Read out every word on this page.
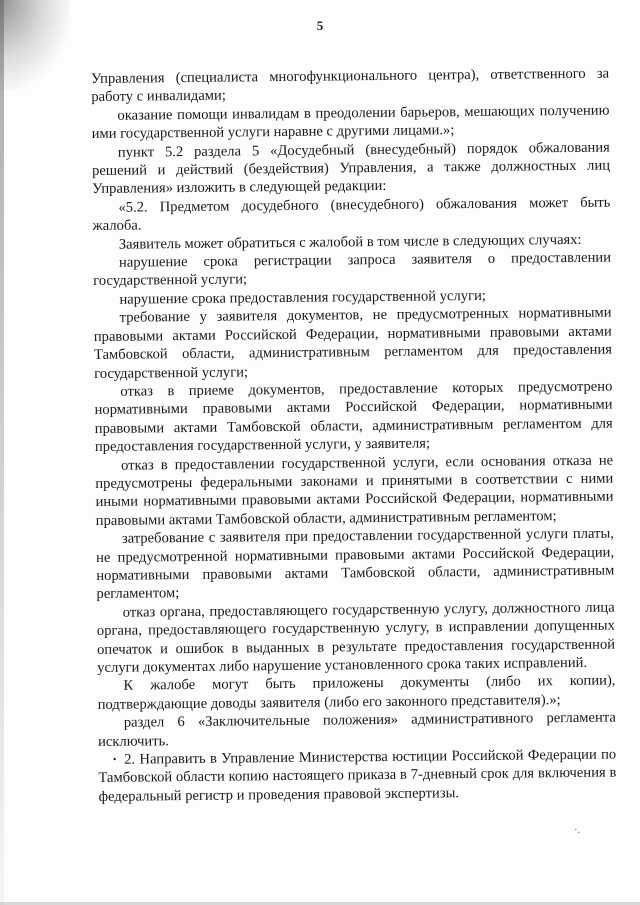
5

Управления (специалиста многофункционального центра), ответственного за работу с инвалидами;

оказание помощи инвалидам в преодолении барьеров, мешающих получению ими государственной услуги наравне с другими лицами.»;

пункт 5.2 раздела 5 «Досудебный (внесудебный) порядок обжалования решений и действий (бездействия) Управления, а также должностных лиц Управления» изложить в следующей редакции:

«5.2. Предметом досудебного (внесудебного) обжалования может быть жалоба.

Заявитель может обратиться с жалобой в том числе в следующих случаях:

нарушение срока регистрации запроса заявителя о предоставлении государственной услуги;

нарушение срока предоставления государственной услуги;

требование у заявителя документов, не предусмотренных нормативными правовыми актами Российской Федерации, нормативными правовыми актами Тамбовской области, административным регламентом для предоставления государственной услуги;

отказ в приеме документов, предоставление которых предусмотрено нормативными правовыми актами Российской Федерации, нормативными правовыми актами Тамбовской области, административным регламентом для предоставления государственной услуги, у заявителя;

отказ в предоставлении государственной услуги, если основания отказа не предусмотрены федеральными законами и принятыми в соответствии с ними иными нормативными правовыми актами Российской Федерации, нормативными правовыми актами Тамбовской области, административным регламентом;

затребование с заявителя при предоставлении государственной услуги платы, не предусмотренной нормативными правовыми актами Российской Федерации, нормативными правовыми актами Тамбовской области, административным регламентом;

отказ органа, предоставляющего государственную услугу, должностного лица органа, предоставляющего государственную услугу, в исправлении допущенных опечаток и ошибок в выданных в результате предоставления государственной услуги документах либо нарушение установленного срока таких исправлений.

К жалобе могут быть приложены документы (либо их копии), подтверждающие доводы заявителя (либо его законного представителя).»;

раздел 6 «Заключительные положения» административного регламента исключить.

· 2. Направить в Управление Министерства юстиции Российской Федерации по Тамбовской области копию настоящего приказа в 7-дневный срок для включения в федеральный регистр и проведения правовой экспертизы.

·.
